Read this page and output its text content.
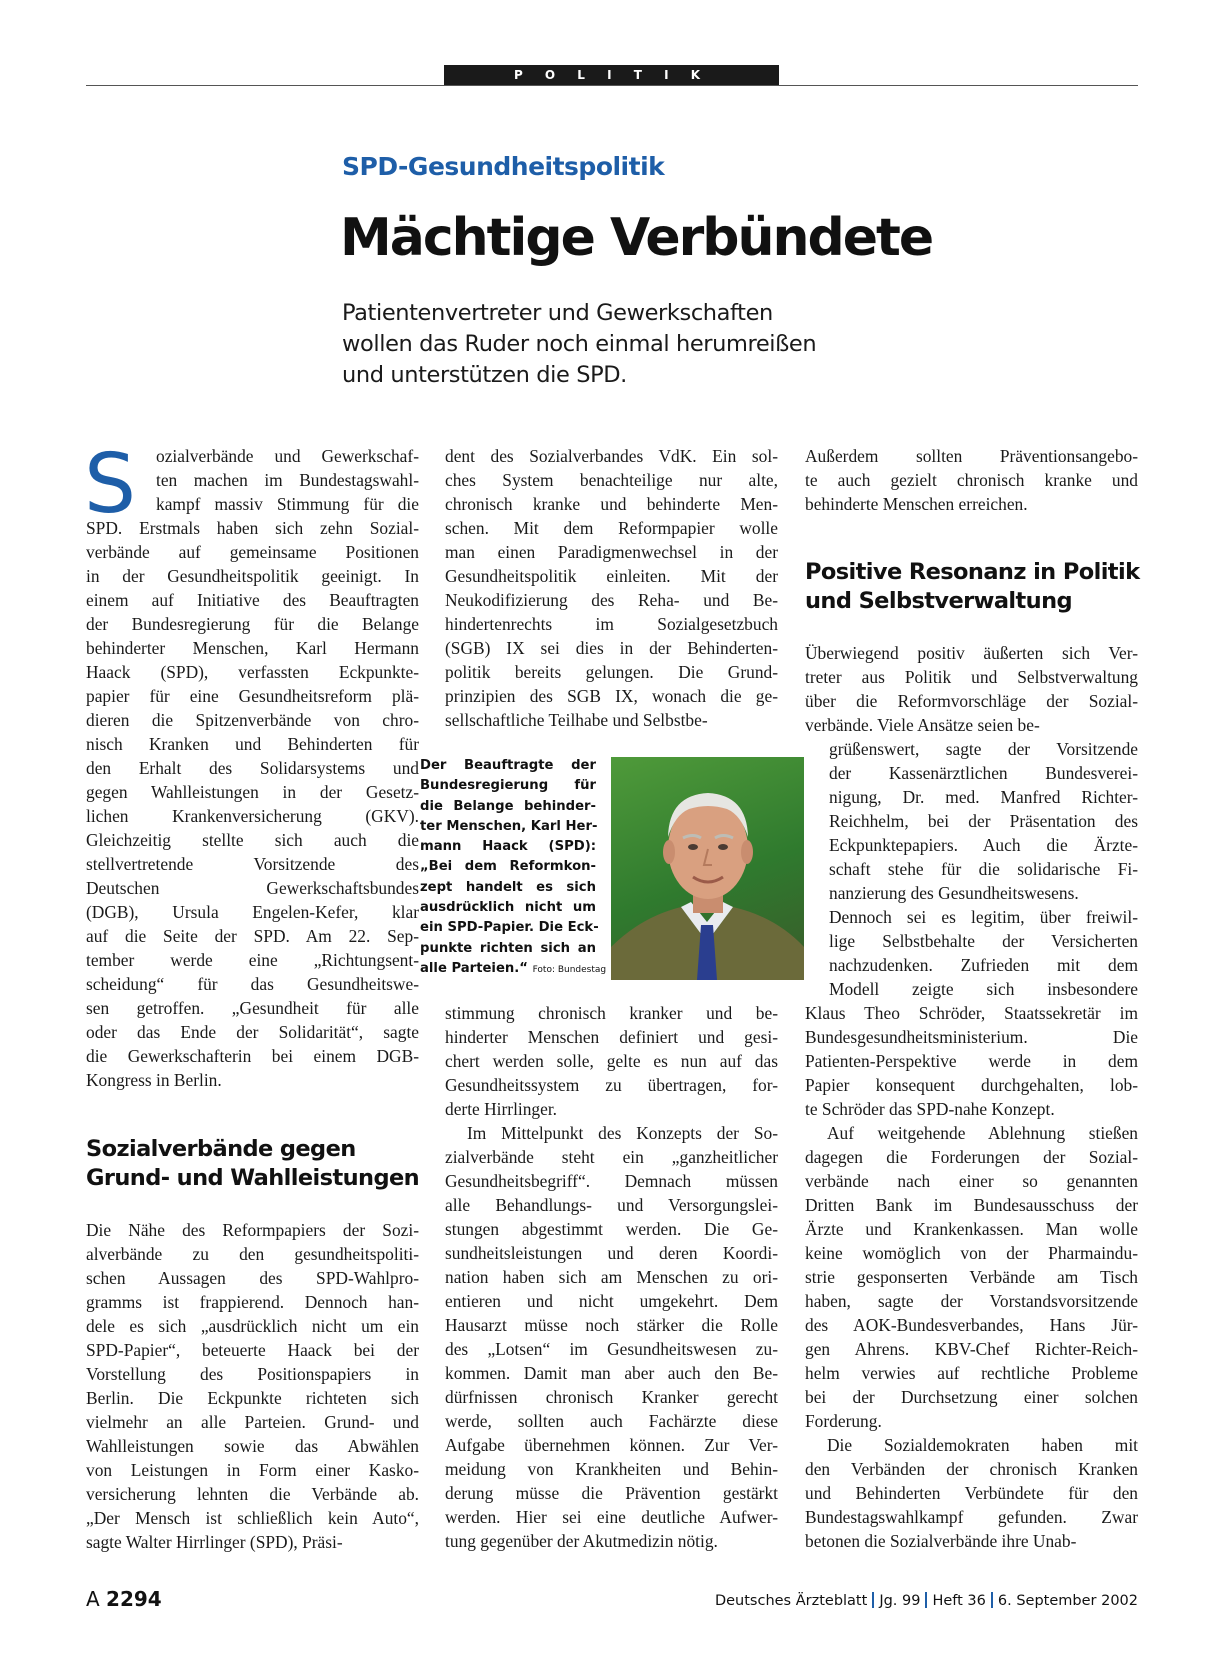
P O L I T I K
SPD-Gesundheitspolitik
Mächtige Verbündete
Patientenvertreter und Gewerkschaften
wollen das Ruder noch einmal herumreißen
und unterstützen die SPD.
S	ozialverbände und Gewerkschaf-
ten machen im Bundestagswahl-
kampf massiv Stimmung für die
SPD. Erstmals haben sich zehn Sozial-
verbände auf gemeinsame Positionen
in der Gesundheitspolitik geeinigt. In
einem auf Initiative des Beauftragten
der Bundesregierung für die Belange
behinderter Menschen, Karl Hermann
Haack (SPD), verfassten Eckpunkte-
papier für eine Gesundheitsreform plä-
dieren die Spitzenverbände von chro-
nisch Kranken und Behinderten für
den Erhalt des Solidarsystems und
gegen Wahlleistungen in der Gesetz-
lichen Krankenversicherung (GKV).
Gleichzeitig stellte sich auch die
stellvertretende Vorsitzende des
Deutschen Gewerkschaftsbundes
(DGB), Ursula Engelen-Kefer, klar
auf die Seite der SPD. Am 22. Sep-
tember werde eine „Richtungsent-
scheidung“ für das Gesundheitswe-
sen getroffen. „Gesundheit für alle
oder das Ende der Solidarität“, sagte
die Gewerkschafterin bei einem DGB-
Kongress in Berlin.
Sozialverbände gegen
Grund- und Wahlleistungen
Die Nähe des Reformpapiers der Sozi-
alverbände zu den gesundheitspoliti-
schen Aussagen des SPD-Wahlpro-
gramms ist frappierend. Dennoch han-
dele es sich „ausdrücklich nicht um ein
SPD-Papier“, beteuerte Haack bei der
Vorstellung des Positionspapiers in
Berlin. Die Eckpunkte richteten sich
vielmehr an alle Parteien. Grund- und
Wahlleistungen sowie das Abwählen
von Leistungen in Form einer Kasko-
versicherung lehnten die Verbände ab.
„Der Mensch ist schließlich kein Auto“,
sagte Walter Hirrlinger (SPD), Präsi-
dent des Sozialverbandes VdK. Ein sol-
ches System benachteilige nur alte,
chronisch kranke und behinderte Men-
schen. Mit dem Reformpapier wolle
man einen Paradigmenwechsel in der
Gesundheitspolitik einleiten. Mit der
Neukodifizierung des Reha- und Be-
hindertenrechts im Sozialgesetzbuch
(SGB) IX sei dies in der Behinderten-
politik bereits gelungen. Die Grund-
prinzipien des SGB IX, wonach die ge-
sellschaftliche Teilhabe und Selbstbe-
Der Beauftragte der
Bundesregierung für
die Belange behinder-
ter Menschen, Karl Her-
mann Haack (SPD):
„Bei dem Reformkon-
zept handelt es sich
ausdrücklich nicht um
ein SPD-Papier. Die Eck-
punkte richten sich an
alle Parteien.“ Foto: Bundestag
stimmung chronisch kranker und be-
hinderter Menschen definiert und gesi-
chert werden solle, gelte es nun auf das
Gesundheitssystem zu übertragen, for-
derte Hirrlinger.
Im Mittelpunkt des Konzepts der So-
zialverbände steht ein „ganzheitlicher
Gesundheitsbegriff“. Demnach müssen
alle Behandlungs- und Versorgungslei-
stungen abgestimmt werden. Die Ge-
sundheitsleistungen und deren Koordi-
nation haben sich am Menschen zu ori-
entieren und nicht umgekehrt. Dem
Hausarzt müsse noch stärker die Rolle
des „Lotsen“ im Gesundheitswesen zu-
kommen. Damit man aber auch den Be-
dürfnissen chronisch Kranker gerecht
werde, sollten auch Fachärzte diese
Aufgabe übernehmen können. Zur Ver-
meidung von Krankheiten und Behin-
derung müsse die Prävention gestärkt
werden. Hier sei eine deutliche Aufwer-
tung gegenüber der Akutmedizin nötig.
Außerdem sollten Präventionsangebo-
te auch gezielt chronisch kranke und
behinderte Menschen erreichen.
Positive Resonanz in Politik
und Selbstverwaltung
Überwiegend positiv äußerten sich Ver-
treter aus Politik und Selbstverwaltung
über die Reformvorschläge der Sozial-
verbände. Viele Ansätze seien be-
grüßenswert, sagte der Vorsitzende
der Kassenärztlichen Bundesverei-
nigung, Dr. med. Manfred Richter-
Reichhelm, bei der Präsentation des
Eckpunktepapiers. Auch die Ärzte-
schaft stehe für die solidarische Fi-
nanzierung des Gesundheitswesens.
Dennoch sei es legitim, über freiwil-
lige Selbstbehalte der Versicherten
nachzudenken. Zufrieden mit dem
Modell zeigte sich insbesondere
Klaus Theo Schröder, Staatssekretär im
Bundesgesundheitsministerium. Die
Patienten-Perspektive werde in dem
Papier konsequent durchgehalten, lob-
te Schröder das SPD-nahe Konzept.
Auf weitgehende Ablehnung stießen
dagegen die Forderungen der Sozial-
verbände nach einer so genannten
Dritten Bank im Bundesausschuss der
Ärzte und Krankenkassen. Man wolle
keine womöglich von der Pharmaindu-
strie gesponserten Verbände am Tisch
haben, sagte der Vorstandsvorsitzende
des AOK-Bundesverbandes, Hans Jür-
gen Ahrens. KBV-Chef Richter-Reich-
helm verwies auf rechtliche Probleme
bei der Durchsetzung einer solchen
Forderung.
Die Sozialdemokraten haben mit
den Verbänden der chronisch Kranken
und Behinderten Verbündete für den
Bundestagswahlkampf gefunden. Zwar
betonen die Sozialverbände ihre Unab-
A 2294	Deutsches Ärzteblatt Jg. 99 Heft 36 6. September 2002
